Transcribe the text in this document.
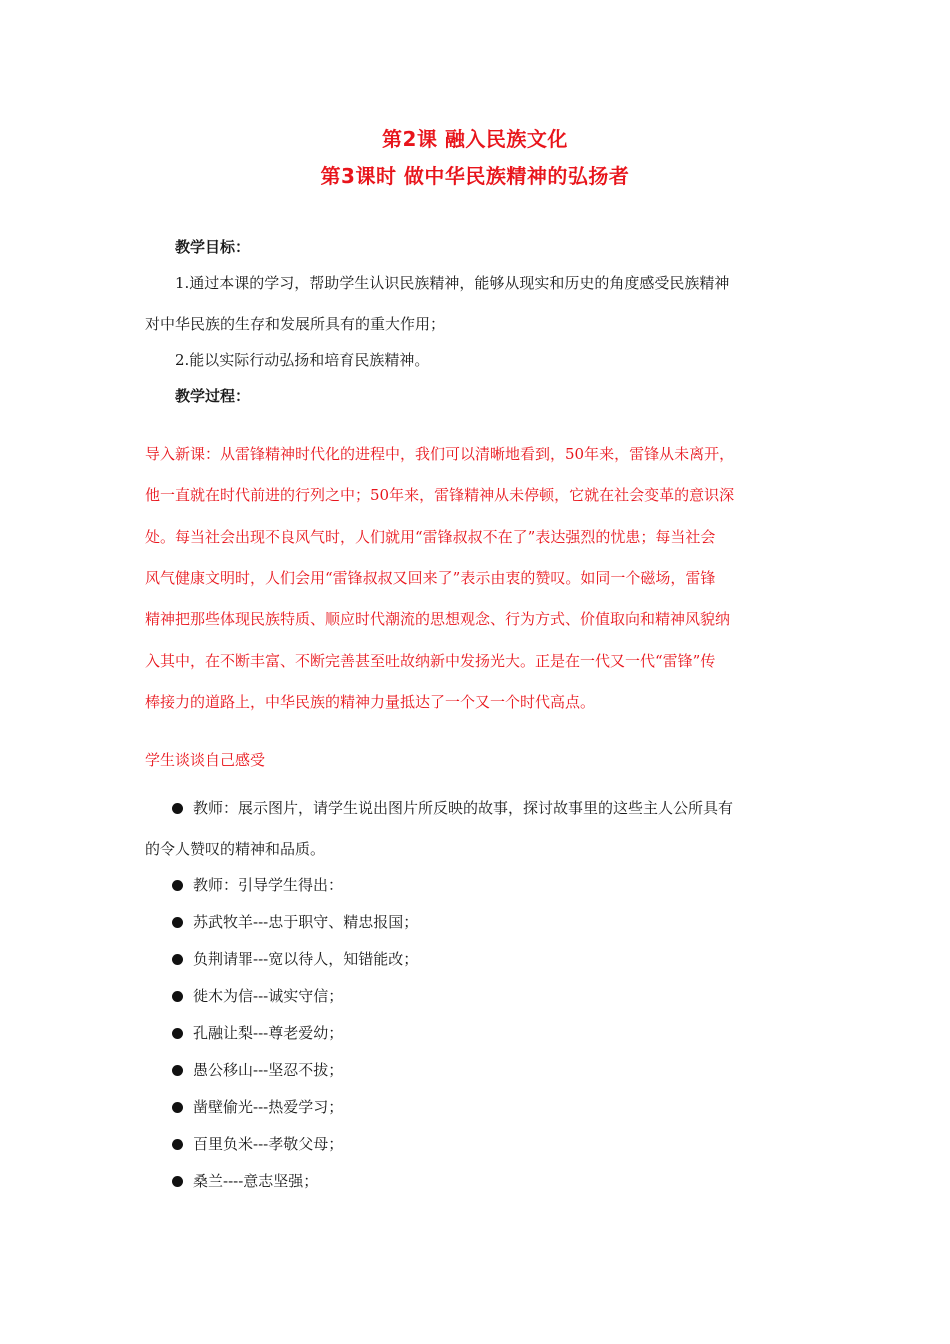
第2课 融入民族文化
第3课时 做中华民族精神的弘扬者
教学目标：
1.通过本课的学习，帮助学生认识民族精神，能够从现实和历史的角度感受民族精神
对中华民族的生存和发展所具有的重大作用；
2.能以实际行动弘扬和培育民族精神。
教学过程：
导入新课：从雷锋精神时代化的进程中，我们可以清晰地看到，50年来，雷锋从未离开，
他一直就在时代前进的行列之中；50年来，雷锋精神从未停顿，它就在社会变革的意识深
处。每当社会出现不良风气时，人们就用“雷锋叔叔不在了”表达强烈的忧患；每当社会
风气健康文明时，人们会用“雷锋叔叔又回来了”表示由衷的赞叹。如同一个磁场，雷锋
精神把那些体现民族特质、顺应时代潮流的思想观念、行为方式、价值取向和精神风貌纳
入其中，在不断丰富、不断完善甚至吐故纳新中发扬光大。正是在一代又一代“雷锋”传
棒接力的道路上，中华民族的精神力量抵达了一个又一个时代高点。
学生谈谈自己感受
教师：展示图片，请学生说出图片所反映的故事，探讨故事里的这些主人公所具有
的令人赞叹的精神和品质。
教师：引导学生得出：
苏武牧羊---忠于职守、精忠报国；
负荆请罪---宽以待人，知错能改；
徙木为信---诚实守信；
孔融让梨---尊老爱幼；
愚公移山---坚忍不拔；
凿壁偷光---热爱学习；
百里负米---孝敬父母；
桑兰----意志坚强；
